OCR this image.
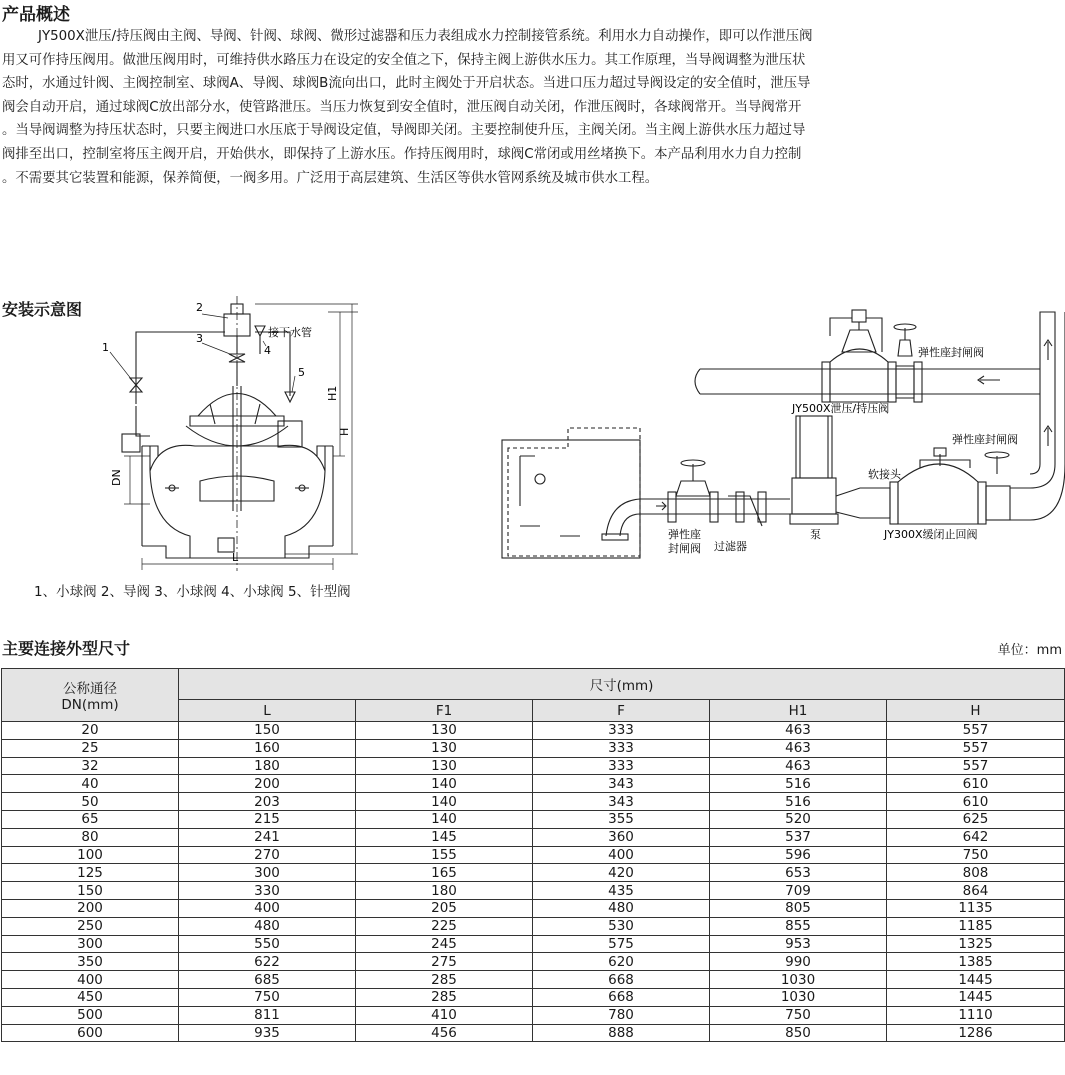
产品概述
JY500X泄压/持压阀由主阀、导阀、针阀、球阀、微形过滤器和压力表组成水力控制接管系统。利用水力自动操作，即可以作泄压阀
用又可作持压阀用。做泄压阀用时，可维持供水路压力在设定的安全值之下，保持主阀上游供水压力。其工作原理，当导阀调整为泄压状
态时，水通过针阀、主阀控制室、球阀A、导阀、球阀B流向出口，此时主阀处于开启状态。当进口压力超过导阀设定的安全值时，泄压导
阀会自动开启，通过球阀C放出部分水，使管路泄压。当压力恢复到安全值时，泄压阀自动关闭，作泄压阀时，各球阀常开。当导阀常开
。当导阀调整为持压状态时，只要主阀进口水压底于导阀设定值，导阀即关闭。主要控制使升压，主阀关闭。当主阀上游供水压力超过导
阀排至出口，控制室将压主阀开启，开始供水，即保持了上游水压。作持压阀用时，球阀C常闭或用丝堵换下。本产品利用水力自力控制
。不需要其它装置和能源，保养简便，一阀多用。广泛用于高层建筑、生活区等供水管网系统及城市供水工程。
安装示意图
1
2
3
4
5
接下水管
DN
H1
H
L
1、小球阀 2、导阀 3、小球阀 4、小球阀 5、针型阀
弹性座封闸阀
JY500X泄压/持压阀
弹性座封闸阀
软接头
JY300X缓闭止回阀
泵
过滤器
弹性座
封闸阀
主要连接外型尺寸	单位：mm
公称通径
DN(mm)	尺寸(mm)				
	L	F1	F	H1	H
20	150	130	333	463	557
25	160	130	333	463	557
32	180	130	333	463	557
40	200	140	343	516	610
50	203	140	343	516	610
65	215	140	355	520	625
80	241	145	360	537	642
100	270	155	400	596	750
125	300	165	420	653	808
150	330	180	435	709	864
200	400	205	480	805	1135
250	480	225	530	855	1185
300	550	245	575	953	1325
350	622	275	620	990	1385
400	685	285	668	1030	1445
450	750	285	668	1030	1445
500	811	410	780	750	1110
600	935	456	888	850	1286
